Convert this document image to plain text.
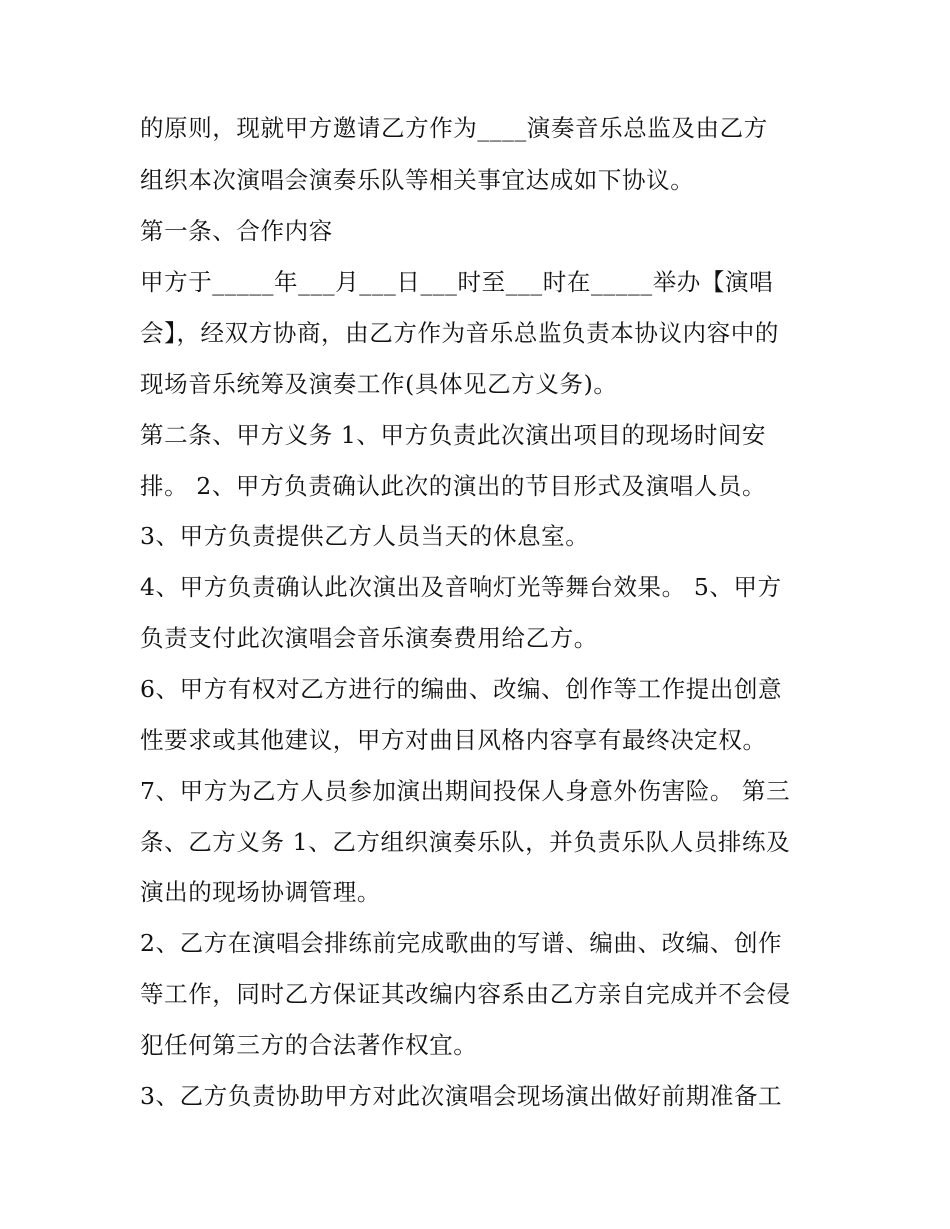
的原则，现就甲方邀请乙方作为____演奏音乐总监及由乙方
组织本次演唱会演奏乐队等相关事宜达成如下协议。
第一条、合作内容
甲方于_____年___月___日___时至___时在_____举办【演唱
会】，经双方协商，由乙方作为音乐总监负责本协议内容中的
现场音乐统筹及演奏工作(具体见乙方义务)。
第二条、甲方义务 1、甲方负责此次演出项目的现场时间安
排。 2、甲方负责确认此次的演出的节目形式及演唱人员。
3、甲方负责提供乙方人员当天的休息室。
4、甲方负责确认此次演出及音响灯光等舞台效果。 5、甲方
负责支付此次演唱会音乐演奏费用给乙方。
6、甲方有权对乙方进行的编曲、改编、创作等工作提出创意
性要求或其他建议，甲方对曲目风格内容享有最终决定权。
7、甲方为乙方人员参加演出期间投保人身意外伤害险。 第三
条、乙方义务 1、乙方组织演奏乐队，并负责乐队人员排练及
演出的现场协调管理。
2、乙方在演唱会排练前完成歌曲的写谱、编曲、改编、创作
等工作，同时乙方保证其改编内容系由乙方亲自完成并不会侵
犯任何第三方的合法著作权宜。
3、乙方负责协助甲方对此次演唱会现场演出做好前期准备工
